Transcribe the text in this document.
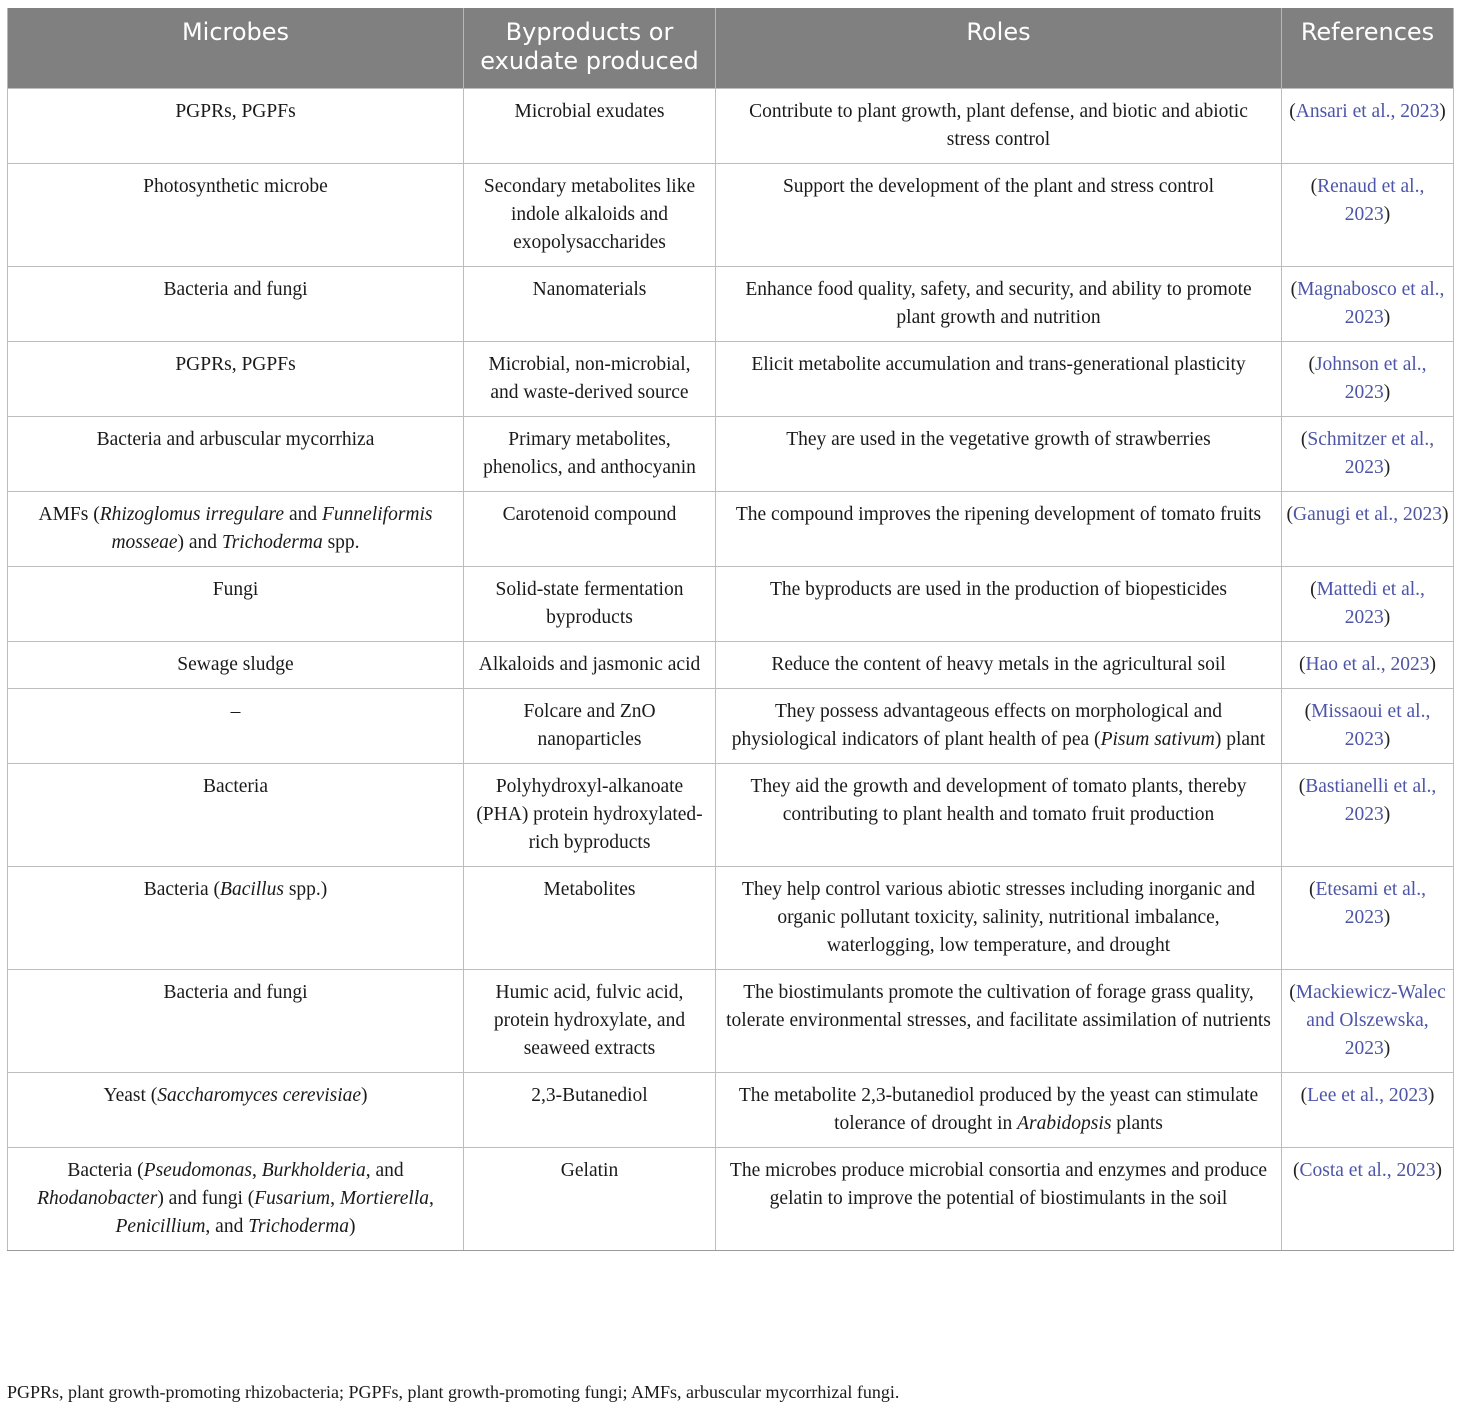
Microbes	Byproducts or exudate produced	Roles	References
PGPRs, PGPFs	Microbial exudates	Contribute to plant growth, plant defense, and biotic and abiotic stress control	(Ansari et al., 2023)
Photosynthetic microbe	Secondary metabolites like indole alkaloids and exopolysaccharides	Support the development of the plant and stress control	(Renaud et al., 2023)
Bacteria and fungi	Nanomaterials	Enhance food quality, safety, and security, and ability to promote plant growth and nutrition	(Magnabosco et al., 2023)
PGPRs, PGPFs	Microbial, non-microbial, and waste-derived source	Elicit metabolite accumulation and trans-generational plasticity	(Johnson et al., 2023)
Bacteria and arbuscular mycorrhiza	Primary metabolites, phenolics, and anthocyanin	They are used in the vegetative growth of strawberries	(Schmitzer et al., 2023)
AMFs (Rhizoglomus irregulare and Funneliformis mosseae) and Trichoderma spp.	Carotenoid compound	The compound improves the ripening development of tomato fruits	(Ganugi et al., 2023)
Fungi	Solid-state fermentation byproducts	The byproducts are used in the production of biopesticides	(Mattedi et al., 2023)
Sewage sludge	Alkaloids and jasmonic acid	Reduce the content of heavy metals in the agricultural soil	(Hao et al., 2023)
–	Folcare and ZnO nanoparticles	They possess advantageous effects on morphological and physiological indicators of plant health of pea (Pisum sativum) plant	(Missaoui et al., 2023)
Bacteria	Polyhydroxyl-alkanoate (PHA) protein hydroxylated-rich byproducts	They aid the growth and development of tomato plants, thereby contributing to plant health and tomato fruit production	(Bastianelli et al., 2023)
Bacteria (Bacillus spp.)	Metabolites	They help control various abiotic stresses including inorganic and organic pollutant toxicity, salinity, nutritional imbalance, waterlogging, low temperature, and drought	(Etesami et al., 2023)
Bacteria and fungi	Humic acid, fulvic acid, protein hydroxylate, and seaweed extracts	The biostimulants promote the cultivation of forage grass quality, tolerate environmental stresses, and facilitate assimilation of nutrients	(Mackiewicz-Walec and Olszewska, 2023)
Yeast (Saccharomyces cerevisiae)	2,3-Butanediol	The metabolite 2,3-butanediol produced by the yeast can stimulate tolerance of drought in Arabidopsis plants	(Lee et al., 2023)
Bacteria (Pseudomonas, Burkholderia, and Rhodanobacter) and fungi (Fusarium, Mortierella, Penicillium, and Trichoderma)	Gelatin	The microbes produce microbial consortia and enzymes and produce gelatin to improve the potential of biostimulants in the soil	(Costa et al., 2023)
PGPRs, plant growth-promoting rhizobacteria; PGPFs, plant growth-promoting fungi; AMFs, arbuscular mycorrhizal fungi.
